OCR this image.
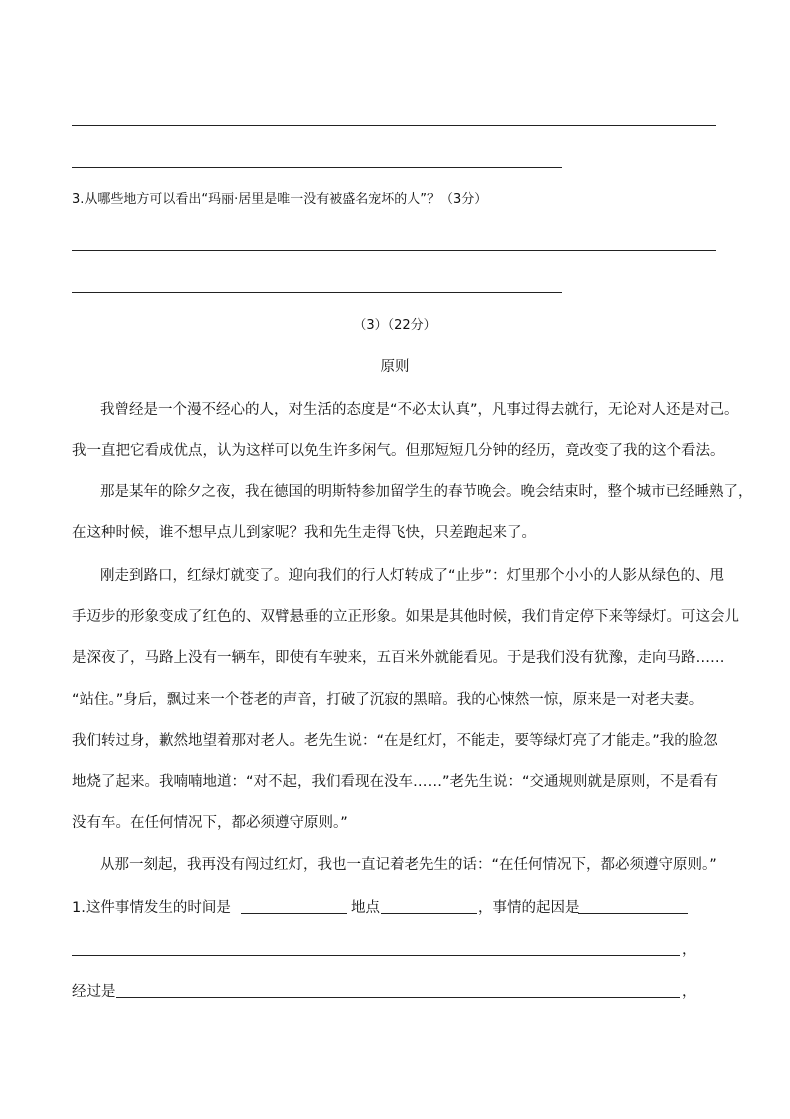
3.从哪些地方可以看出“玛丽·居里是唯一没有被盛名宠坏的人”？（3分）
（3）（22分）
原则
我曾经是一个漫不经心的人，对生活的态度是“不必太认真”，凡事过得去就行，无论对人还是对己。
我一直把它看成优点，认为这样可以免生许多闲气。但那短短几分钟的经历，竟改变了我的这个看法。
那是某年的除夕之夜，我在德国的明斯特参加留学生的春节晚会。晚会结束时，整个城市已经睡熟了，
在这种时候，谁不想早点儿到家呢？我和先生走得飞快，只差跑起来了。
刚走到路口，红绿灯就变了。迎向我们的行人灯转成了“止步”：灯里那个小小的人影从绿色的、甩
手迈步的形象变成了红色的、双臂悬垂的立正形象。如果是其他时候，我们肯定停下来等绿灯。可这会儿
是深夜了，马路上没有一辆车，即使有车驶来，五百米外就能看见。于是我们没有犹豫，走向马路……
“站住。”身后，飘过来一个苍老的声音，打破了沉寂的黑暗。我的心悚然一惊，原来是一对老夫妻。
我们转过身，歉然地望着那对老人。老先生说：“在是红灯，不能走，要等绿灯亮了才能走。”我的脸忽
地烧了起来。我喃喃地道：“对不起，我们看现在没车……”老先生说：“交通规则就是原则，不是看有
没有车。在任何情况下，都必须遵守原则。”
从那一刻起，我再没有闯过红灯，我也一直记着老先生的话：“在任何情况下，都必须遵守原则。”
1.这件事情发生的时间是	地点	，事情的起因是
，
经过是	，
